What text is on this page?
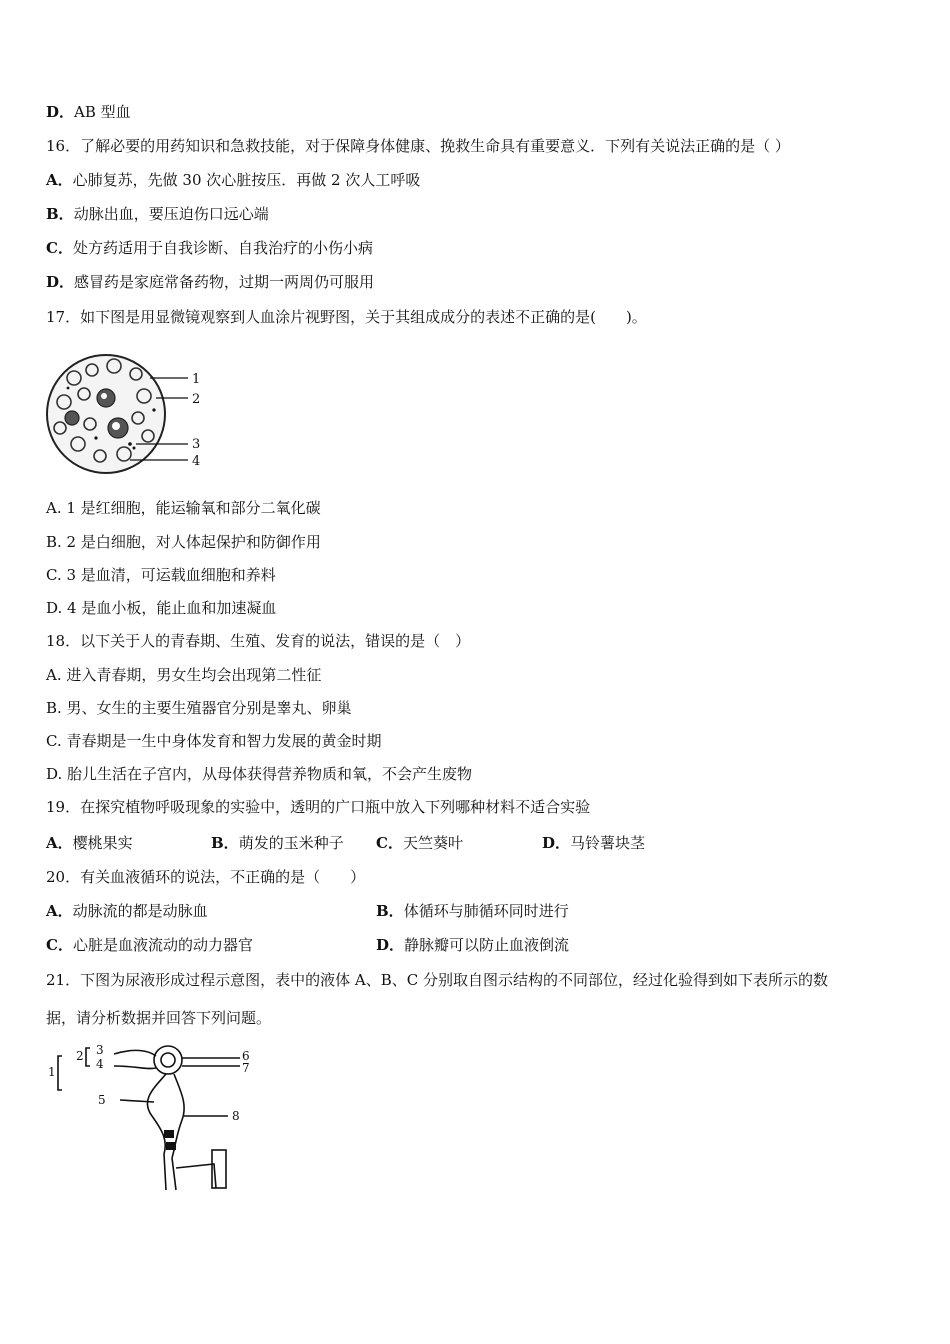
D．AB 型血
16．了解必要的用药知识和急救技能，对于保障身体健康、挽救生命具有重要意义．下列有关说法正确的是（ ）
A．心肺复苏，先做 30 次心脏按压．再做 2 次人工呼吸
B．动脉出血，要压迫伤口远心端
C．处方药适用于自我诊断、自我治疗的小伤小病
D．感冒药是家庭常备药物，过期一两周仍可服用
17．如下图是用显微镜观察到人血涂片视野图，关于其组成成分的表述不正确的是(　　)。
1
2
3
4
A. 1 是红细胞，能运输氧和部分二氧化碳
B. 2 是白细胞，对人体起保护和防御作用
C. 3 是血清，可运载血细胞和养料
D. 4 是血小板，能止血和加速凝血
18．以下关于人的青春期、生殖、发育的说法，错误的是（　）
A. 进入青春期，男女生均会出现第二性征
B. 男、女生的主要生殖器官分别是睾丸、卵巢
C. 青春期是一生中身体发育和智力发展的黄金时期
D. 胎儿生活在子宫内，从母体获得营养物质和氧，不会产生废物
19．在探究植物呼吸现象的实验中，透明的广口瓶中放入下列哪种材料不适合实验
A．樱桃果实	B．萌发的玉米种子 C．天竺葵叶	D．马铃薯块茎
20．有关血液循环的说法，不正确的是（　　）
A．动脉流的都是动脉血	B．体循环与肺循环同时进行
C．心脏是血液流动的动力器官	D．静脉瓣可以防止血液倒流
21．下图为尿液形成过程示意图，表中的液体 A、B、C 分别取自图示结构的不同部位，经过化验得到如下表所示的数
据，请分析数据并回答下列问题。
1
2 3
4
5
6
7
8
